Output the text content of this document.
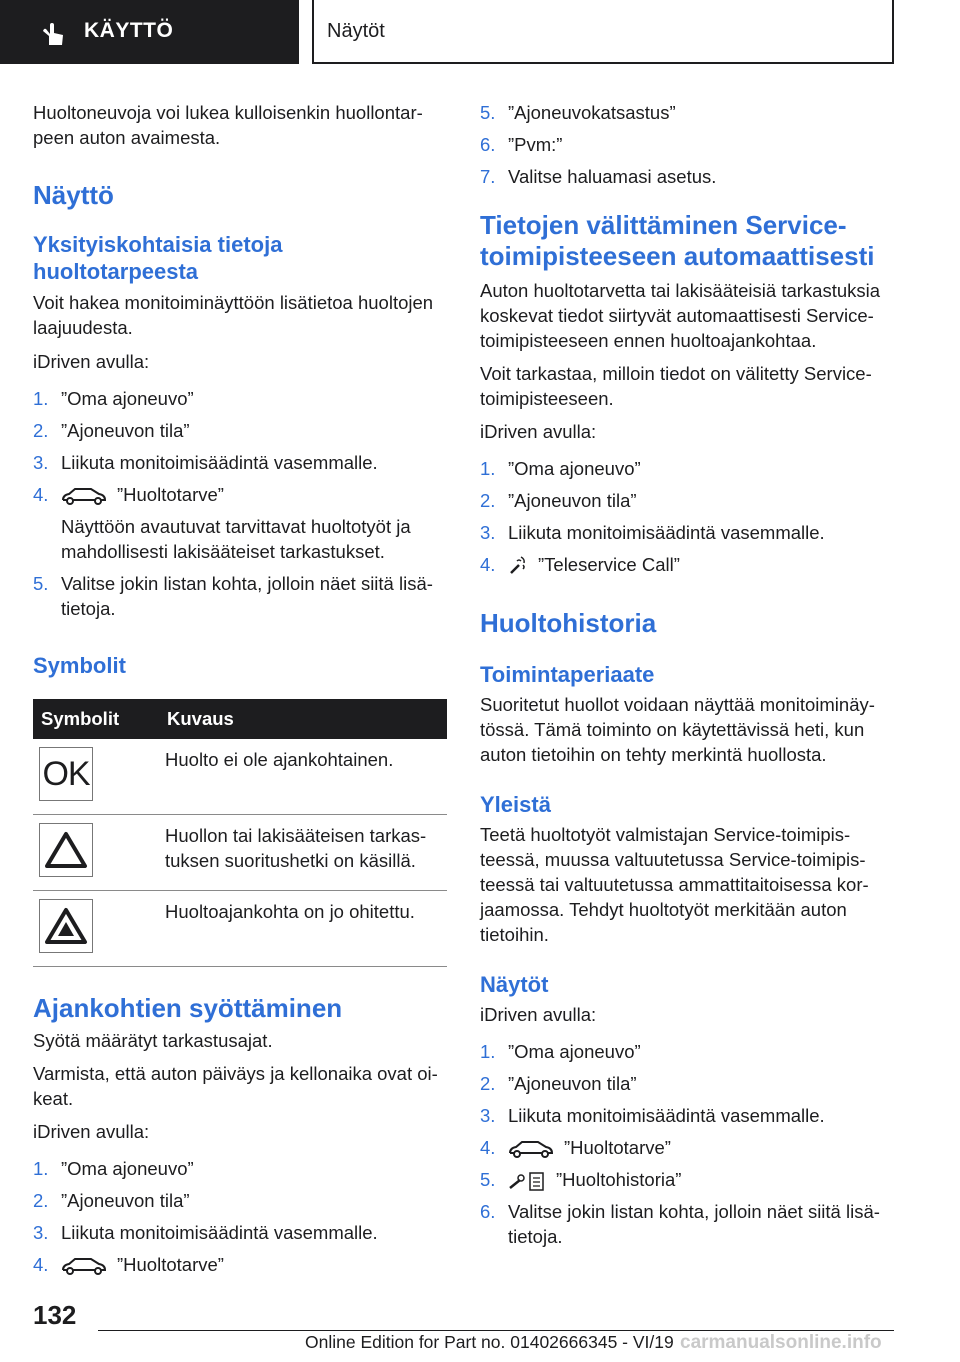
KÄYTTÖ	Näytöt

Huoltoneuvoja voi lukea kulloisenkin huollontar-peen auton avaimesta.

Näyttö
Yksityiskohtaisia tietoja huoltotarpeesta

Voit hakea monitoiminäyttöön lisätietoa huoltojen laajuudesta.

iDriven avulla:

1. ”Oma ajoneuvo”
2. ”Ajoneuvon tila”
3. Liikuta monitoimisäädintä vasemmalle.
4.	”Huoltotarve”
Näyttöön avautuvat tarvittavat huoltotyöt ja mahdollisesti lakisääteiset tarkastukset.
5. Valitse jokin listan kohta, jolloin näet siitä lisä-tietoja.
Symbolit
Symbolit	Kuvaus

OK	Huolto ei ole ajankohtainen.

	Huollon tai lakisääteisen tarkas-tuksen suoritushetki on käsillä.

	Huoltoajankohta on jo ohitettu.
Ajankohtien syöttäminen

Syötä määrätyt tarkastusajat.

Varmista, että auton päiväys ja kellonaika ovat oi-keat.

iDriven avulla:

1. ”Oma ajoneuvo”
2. ”Ajoneuvon tila”
3. Liikuta monitoimisäädintä vasemmalle.
4.	”Huoltotarve”
5. ”Ajoneuvokatsastus”
6. ”Pvm:”
7. Valitse haluamasi asetus.
Tietojen välittäminen Service-toimipisteeseen automaattisesti

Auton huoltotarvetta tai lakisääteisiä tarkastuksia koskevat tiedot siirtyvät automaattisesti Service-toimipisteeseen ennen huoltoajankohtaa.

Voit tarkastaa, milloin tiedot on välitetty Service-toimipisteeseen.

iDriven avulla:

1. ”Oma ajoneuvo”
2. ”Ajoneuvon tila”
3. Liikuta monitoimisäädintä vasemmalle.
4. ”Teleservice Call”
Huoltohistoria
Toimintaperiaate

Suoritetut huollot voidaan näyttää monitoiminäy-tössä. Tämä toiminto on käytettävissä heti, kun auton tietoihin on tehty merkintä huollosta.

Yleistä

Teetä huoltotyöt valmistajan Service-toimipis-teessä, muussa valtuutetussa Service-toimipis-teessä tai valtuutetussa ammattitaitoisessa kor-jaamossa. Tehdyt huoltotyöt merkitään auton tietoihin.

Näytöt

iDriven avulla:

1. ”Oma ajoneuvo”
2. ”Ajoneuvon tila”
3. Liikuta monitoimisäädintä vasemmalle.
4.	”Huoltotarve”
5.	”Huoltohistoria”
6. Valitse jokin listan kohta, jolloin näet siitä lisä-tietoja.
132
Online Edition for Part no. 01402666345 - VI/19 carmanualsonline.info
